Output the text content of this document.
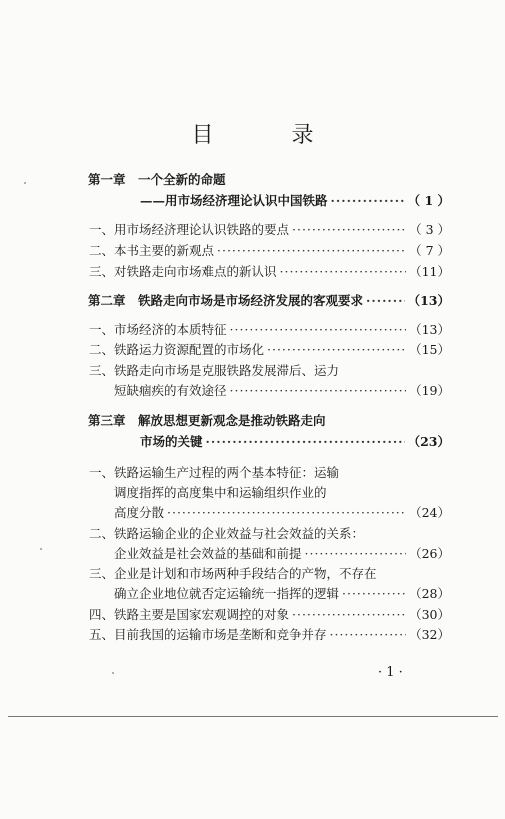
目　录
第一章 一个全新的命题
——用市场经济理论认识中国铁路 ·····	（ 1 ）
一、 用市场经济理论认识铁路的要点 ·····	（ 3 ）
二、 本书主要的新观点 ·····	（ 7 ）
三、 对铁路走向市场难点的新认识 ·····	（11）
第二章 铁路走向市场是市场经济发展的客观要求 ·····	（13）
一、 市场经济的本质特征 ·····	（13）
二、 铁路运力资源配置的市场化 ·····	（15）
三、铁路走向市场是克服铁路发展滞后、运力
短缺痼疾的有效途径 ·····	（19）
第三章 解放思想更新观念是推动铁路走向
市场的关键 ·····	（23）
一、铁路运输生产过程的两个基本特征：运输
调度指挥的高度集中和运输组织作业的
高度分散 ·····	（24）
二、铁路运输企业的企业效益与社会效益的关系：
企业效益是社会效益的基础和前提 ·····	（26）
三、企业是计划和市场两种手段结合的产物，不存在
确立企业地位就否定运输统一指挥的逻辑 ·····	（28）
四、 铁路主要是国家宏观调控的对象 ·····	（30）
五、 目前我国的运输市场是垄断和竞争并存 ·····	（32）
· 1 ·
